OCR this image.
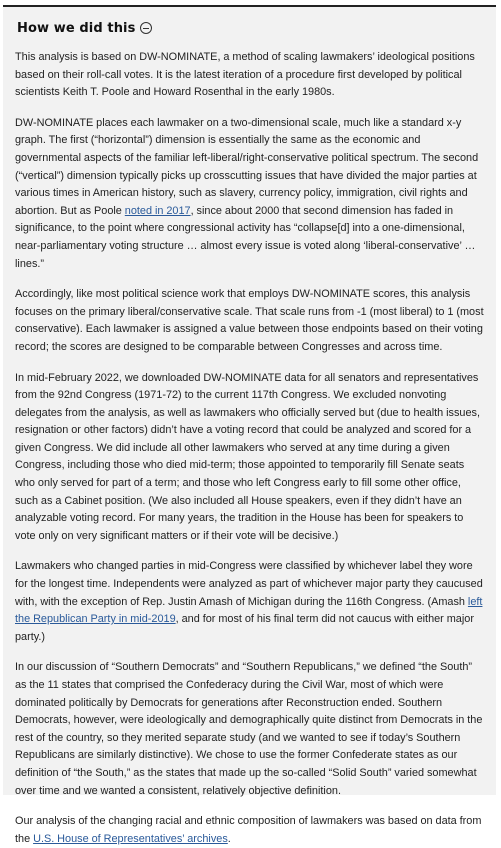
How we did this

This analysis is based on DW-NOMINATE, a method of scaling lawmakers’ ideological positions based on their roll-call votes. It is the latest iteration of a procedure first developed by political scientists Keith T. Poole and Howard Rosenthal in the early 1980s.

DW-NOMINATE places each lawmaker on a two-dimensional scale, much like a standard x-y graph. The first (“horizontal”) dimension is essentially the same as the economic and governmental aspects of the familiar left-liberal/right-conservative political spectrum. The second (“vertical”) dimension typically picks up crosscutting issues that have divided the major parties at various times in American history, such as slavery, currency policy, immigration, civil rights and abortion. But as Poole noted in 2017, since about 2000 that second dimension has faded in significance, to the point where congressional activity has “collapse[d] into a one-dimensional, near-parliamentary voting structure … almost every issue is voted along ‘liberal-conservative’ … lines.”

Accordingly, like most political science work that employs DW-NOMINATE scores, this analysis focuses on the primary liberal/conservative scale. That scale runs from -1 (most liberal) to 1 (most conservative). Each lawmaker is assigned a value between those endpoints based on their voting record; the scores are designed to be comparable between Congresses and across time.

In mid-February 2022, we downloaded DW-NOMINATE data for all senators and representatives from the 92nd Congress (1971-72) to the current 117th Congress. We excluded nonvoting delegates from the analysis, as well as lawmakers who officially served but (due to health issues, resignation or other factors) didn’t have a voting record that could be analyzed and scored for a given Congress. We did include all other lawmakers who served at any time during a given Congress, including those who died mid-term; those appointed to temporarily fill Senate seats who only served for part of a term; and those who left Congress early to fill some other office, such as a Cabinet position. (We also included all House speakers, even if they didn’t have an analyzable voting record. For many years, the tradition in the House has been for speakers to vote only on very significant matters or if their vote will be decisive.)

Lawmakers who changed parties in mid-Congress were classified by whichever label they wore for the longest time. Independents were analyzed as part of whichever major party they caucused with, with the exception of Rep. Justin Amash of Michigan during the 116th Congress. (Amash left the Republican Party in mid-2019, and for most of his final term did not caucus with either major party.)

In our discussion of “Southern Democrats” and “Southern Republicans,” we defined “the South” as the 11 states that comprised the Confederacy during the Civil War, most of which were dominated politically by Democrats for generations after Reconstruction ended. Southern Democrats, however, were ideologically and demographically quite distinct from Democrats in the rest of the country, so they merited separate study (and we wanted to see if today’s Southern Republicans are similarly distinctive). We chose to use the former Confederate states as our definition of “the South,” as the states that made up the so-called “Solid South” varied somewhat over time and we wanted a consistent, relatively objective definition.

Our analysis of the changing racial and ethnic composition of lawmakers was based on data from the U.S. House of Representatives’ archives.
